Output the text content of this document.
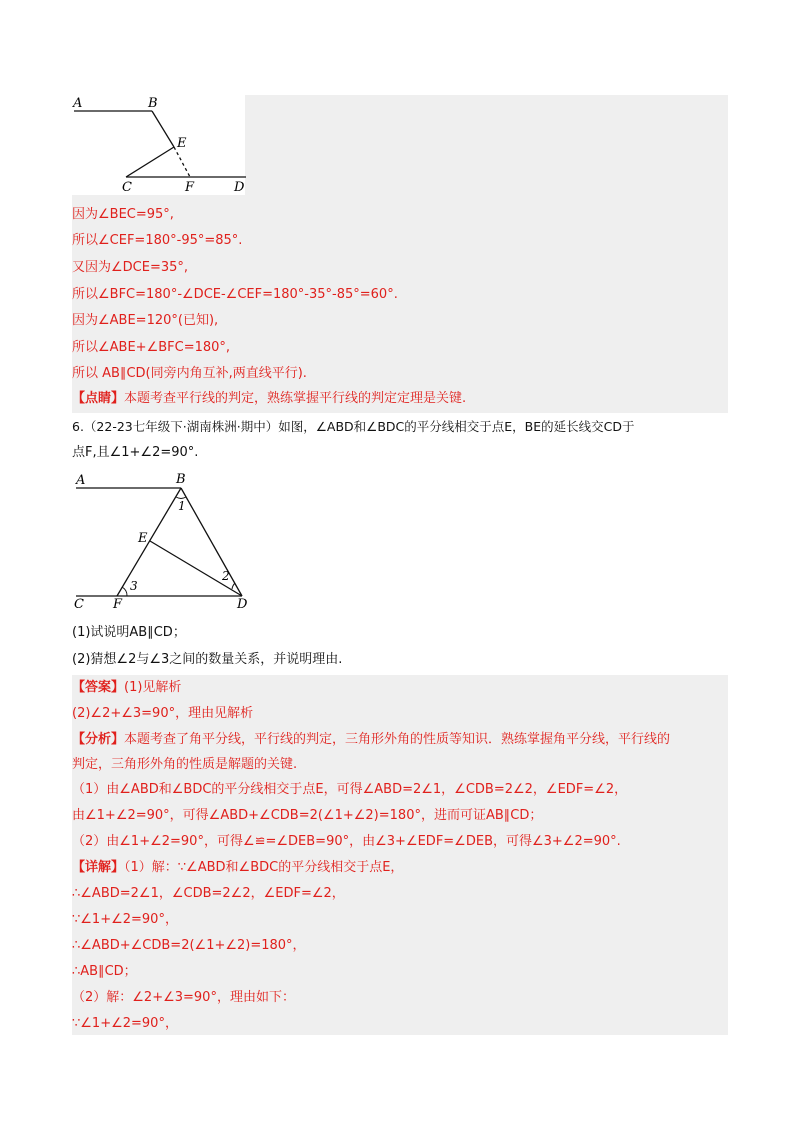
A	B
E
C	F	D
因为∠BEC=95°,
所以∠CEF=180°-95°=85°.
又因为∠DCE=35°,
所以∠BFC=180°-∠DCE-∠CEF=180°-35°-85°=60°.
因为∠ABE=120°(已知),
所以∠ABE+∠BFC=180°,
所以 AB∥CD(同旁内角互补,两直线平行).
【点睛】本题考查平行线的判定，熟练掌握平行线的判定定理是关键.
6.（22-23七年级下·湖南株洲·期中）如图，∠ABD和∠BDC的平分线相交于点E，BE的延长线交CD于
点F,且∠1+∠2=90°.
A	B
E
C F	D
1
2
3
(1)试说明AB∥CD；
(2)猜想∠2与∠3之间的数量关系，并说明理由.
【答案】(1)见解析
(2)∠2+∠3=90°，理由见解析
【分析】本题考查了角平分线，平行线的判定，三角形外角的性质等知识．熟练掌握角平分线，平行线的
判定，三角形外角的性质是解题的关键.
（1）由∠ABD和∠BDC的平分线相交于点E，可得∠ABD=2∠1，∠CDB=2∠2，∠EDF=∠2，
由∠1+∠2=90°，可得∠ABD+∠CDB=2(∠1+∠2)=180°，进而可证AB∥CD；
（2）由∠1+∠2=90°，可得∠≌=∠DEB=90°，由∠3+∠EDF=∠DEB，可得∠3+∠2=90°.
【详解】（1）解：∵∠ABD和∠BDC的平分线相交于点E，
∴∠ABD=2∠1，∠CDB=2∠2，∠EDF=∠2，
∵∠1+∠2=90°，
∴∠ABD+∠CDB=2(∠1+∠2)=180°，
∴AB∥CD；
（2）解：∠2+∠3=90°，理由如下：
∵∠1+∠2=90°，
